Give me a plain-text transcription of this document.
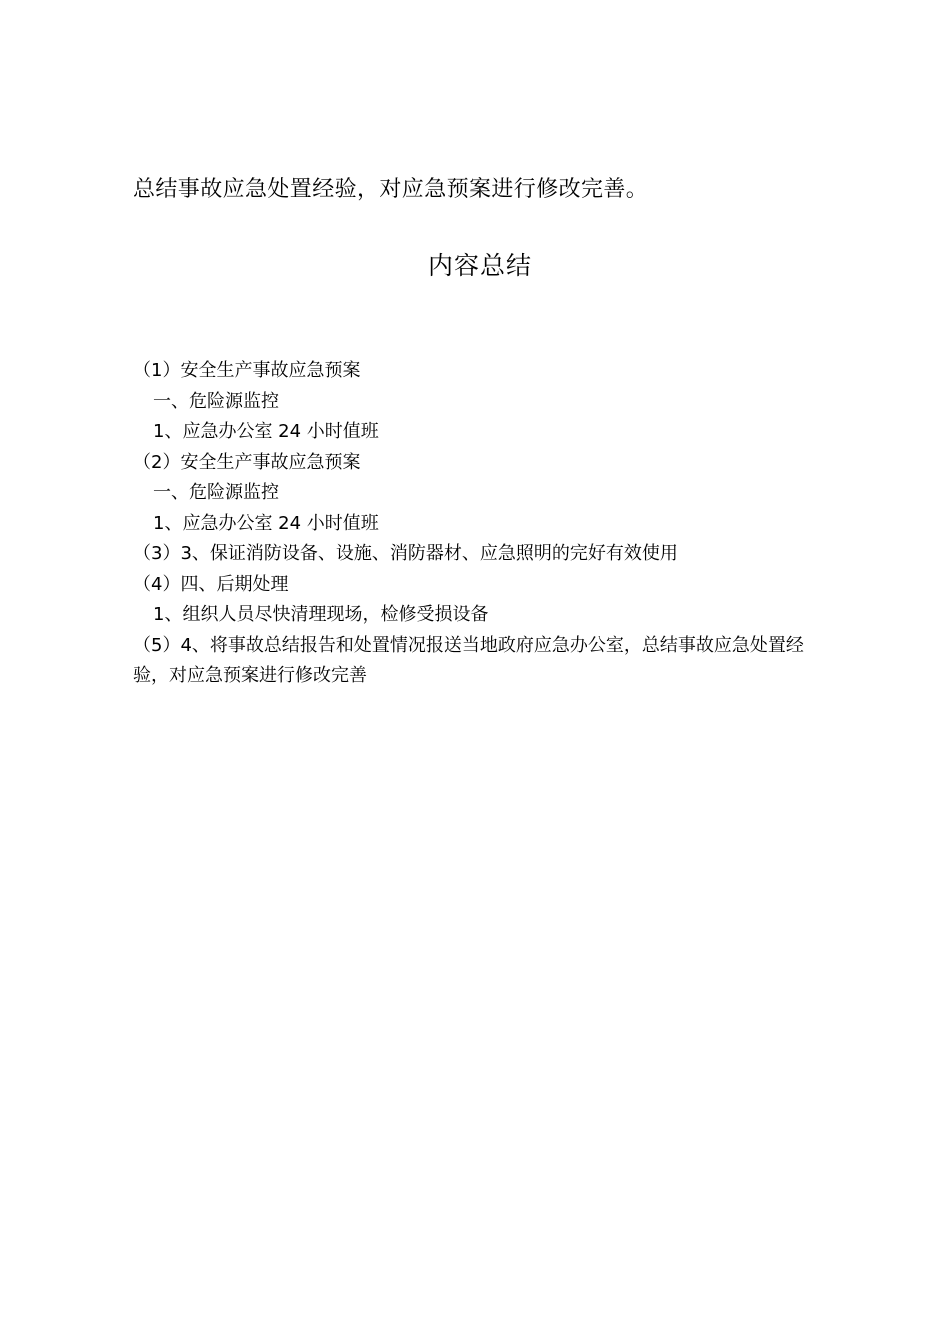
总结事故应急处置经验，对应急预案进行修改完善。
内容总结
（1）安全生产事故应急预案
一、危险源监控
1、应急办公室 24 小时值班
（2）安全生产事故应急预案
一、危险源监控
1、应急办公室 24 小时值班
（3）3、保证消防设备、设施、消防器材、应急照明的完好有效使用
（4）四、后期处理
1、组织人员尽快清理现场，检修受损设备
（5）4、将事故总结报告和处置情况报送当地政府应急办公室，总结事故应急处置经验，对应急预案进行修改完善
